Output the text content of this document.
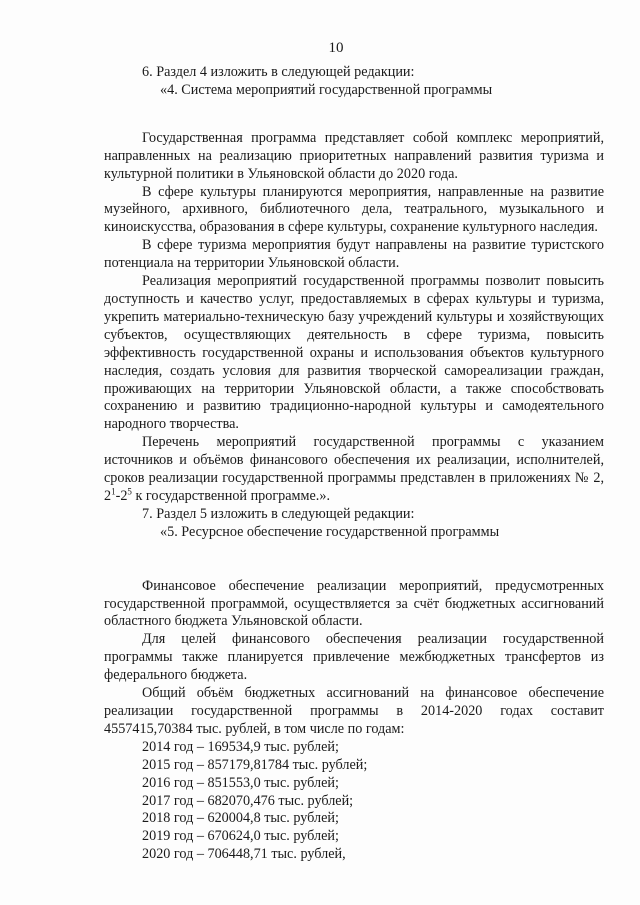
10

6. Раздел 4 изложить в следующей редакции:

«4. Система мероприятий государственной программы

Государственная программа представляет собой комплекс мероприятий, направленных на реализацию приоритетных направлений развития туризма и культурной политики в Ульяновской области до 2020 года.

В сфере культуры планируются мероприятия, направленные на развитие музейного, архивного, библиотечного дела, театрального, музыкального и киноискусства, образования в сфере культуры, сохранение культурного наследия.

В сфере туризма мероприятия будут направлены на развитие туристского потенциала на территории Ульяновской области.

Реализация мероприятий государственной программы позволит повысить доступность и качество услуг, предоставляемых в сферах культуры и туризма, укрепить материально-техническую базу учреждений культуры и хозяйствующих субъектов, осуществляющих деятельность в сфере туризма, повысить эффективность государственной охраны и использования объектов культурного наследия, создать условия для развития творческой самореализации граждан, проживающих на территории Ульяновской области, а также способствовать сохранению и развитию традиционно-народной культуры и самодеятельного народного творчества.

Перечень мероприятий государственной программы с указанием источников и объёмов финансового обеспечения их реализации, исполнителей, сроков реализации государственной программы представлен в приложениях № 2, $2^1-2^5$ к государственной программе.».

7. Раздел 5 изложить в следующей редакции:

«5. Ресурсное обеспечение государственной программы

Финансовое обеспечение реализации мероприятий, предусмотренных государственной программой, осуществляется за счёт бюджетных ассигнований областного бюджета Ульяновской области.

Для целей финансового обеспечения реализации государственной программы также планируется привлечение межбюджетных трансфертов из федерального бюджета.

Общий объём бюджетных ассигнований на финансовое обеспечение реализации государственной программы в 2014-2020 годах составит 4557415,70384 тыс. рублей, в том числе по годам:

2014 год – 169534,9 тыс. рублей;
2015 год – 857179,81784 тыс. рублей;
2016 год – 851553,0 тыс. рублей;
2017 год – 682070,476 тыс. рублей;
2018 год – 620004,8 тыс. рублей;
2019 год – 670624,0 тыс. рублей;
2020 год – 706448,71 тыс. рублей,
